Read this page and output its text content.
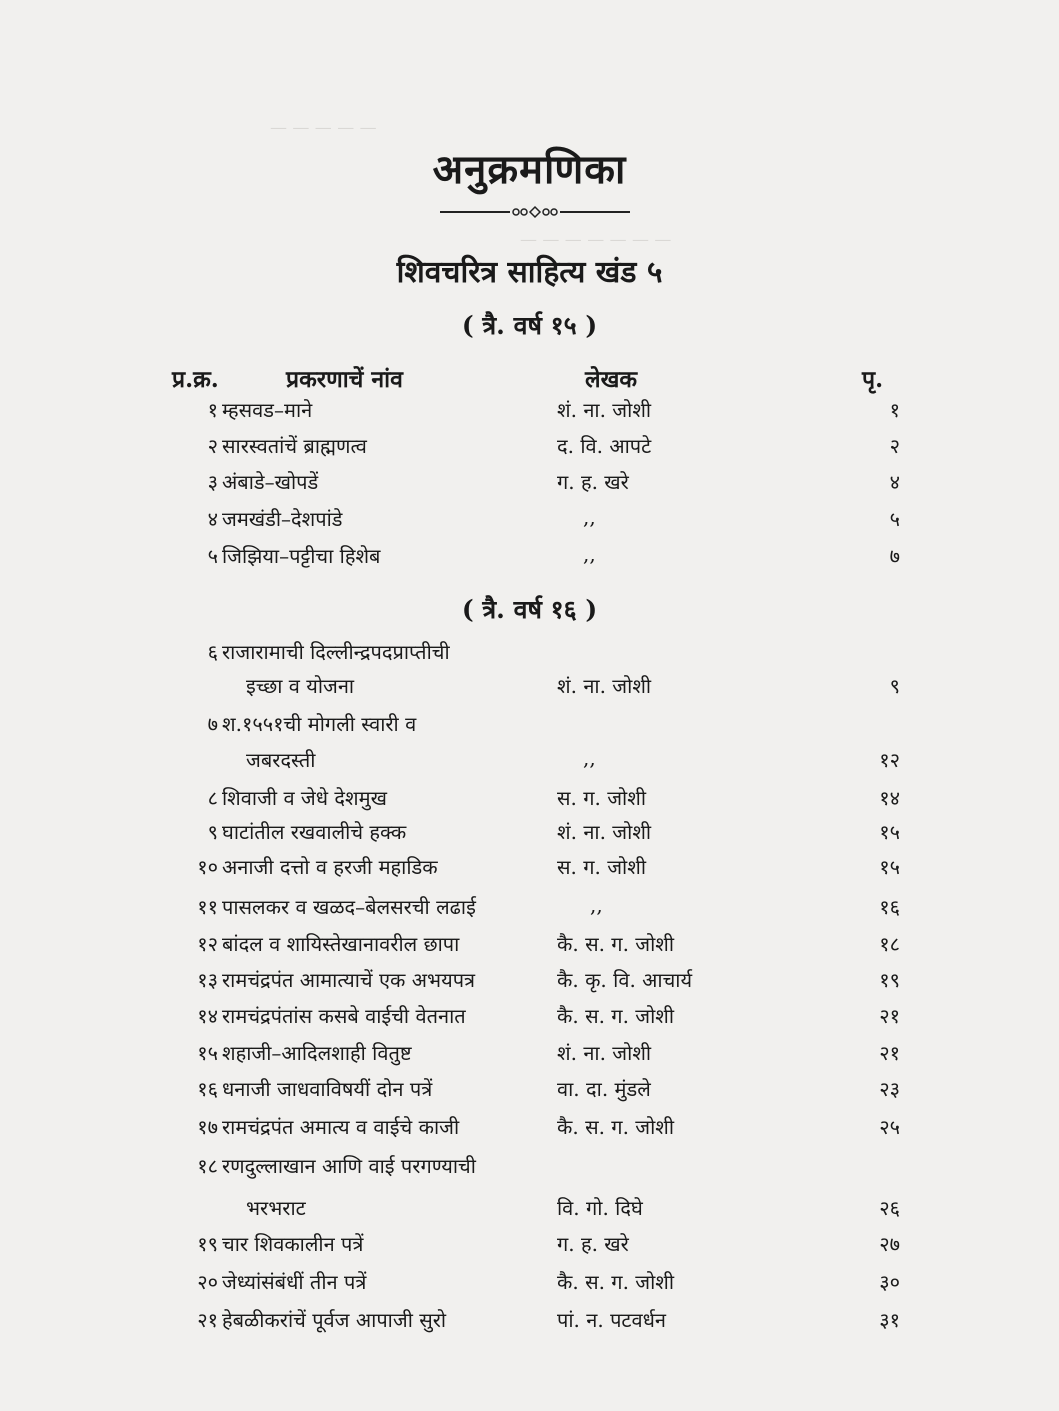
— — — — —
— — — — — — —
अनुक्रमणिका
शिवचरित्र साहित्य खंड ५
( त्रै. वर्ष १५ )
प्र.क्र.	प्रकरणाचें नांव	लेखक	पृ.
( त्रै. वर्ष १६ )
१ म्हसवड–माने	शं. ना. जोशी	१
२ सारस्वतांचें ब्राह्मणत्व	द. वि. आपटे	२
३ अंबाडे–खोपडें	ग. ह. खरे	४
४ जमखंडी–देशपांडे	,,	५
५ जिझिया–पट्टीचा हिशेब	,,	७
६ राजारामाची दिल्लीन्द्रपदप्राप्तीची
इच्छा व योजना	शं. ना. जोशी	९
७ श.१५५१ची मोगली स्वारी व
जबरदस्ती	,,	१२
८ शिवाजी व जेधे देशमुख	स. ग. जोशी	१४
९ घाटांतील रखवालीचे हक्क	शं. ना. जोशी	१५
१० अनाजी दत्तो व हरजी महाडिक	स. ग. जोशी	१५
११ पासलकर व खळद–बेलसरची लढाई	,,	१६
१२ बांदल व शायिस्तेखानावरील छापा	कै. स. ग. जोशी	१८
१३ रामचंद्रपंत आमात्याचें एक अभयपत्र	कै. कृ. वि. आचार्य	१९
१४ रामचंद्रपंतांस कसबे वाईची वेतनात	कै. स. ग. जोशी	२१
१५ शहाजी–आदिलशाही वितुष्ट	शं. ना. जोशी	२१
१६ धनाजी जाधवाविषयीं दोन पत्रें	वा. दा. मुंडले	२३
१७ रामचंद्रपंत अमात्य व वाईचे काजी	कै. स. ग. जोशी	२५
१८ रणदुल्लाखान आणि वाई परगण्याची
भरभराट	वि. गो. दिघे	२६
१९ चार शिवकालीन पत्रें	ग. ह. खरे	२७
२० जेध्यांसंबंधीं तीन पत्रें	कै. स. ग. जोशी	३०
२१ हेबळीकरांचें पूर्वज आपाजी सुरो	पां. न. पटवर्धन	३१
